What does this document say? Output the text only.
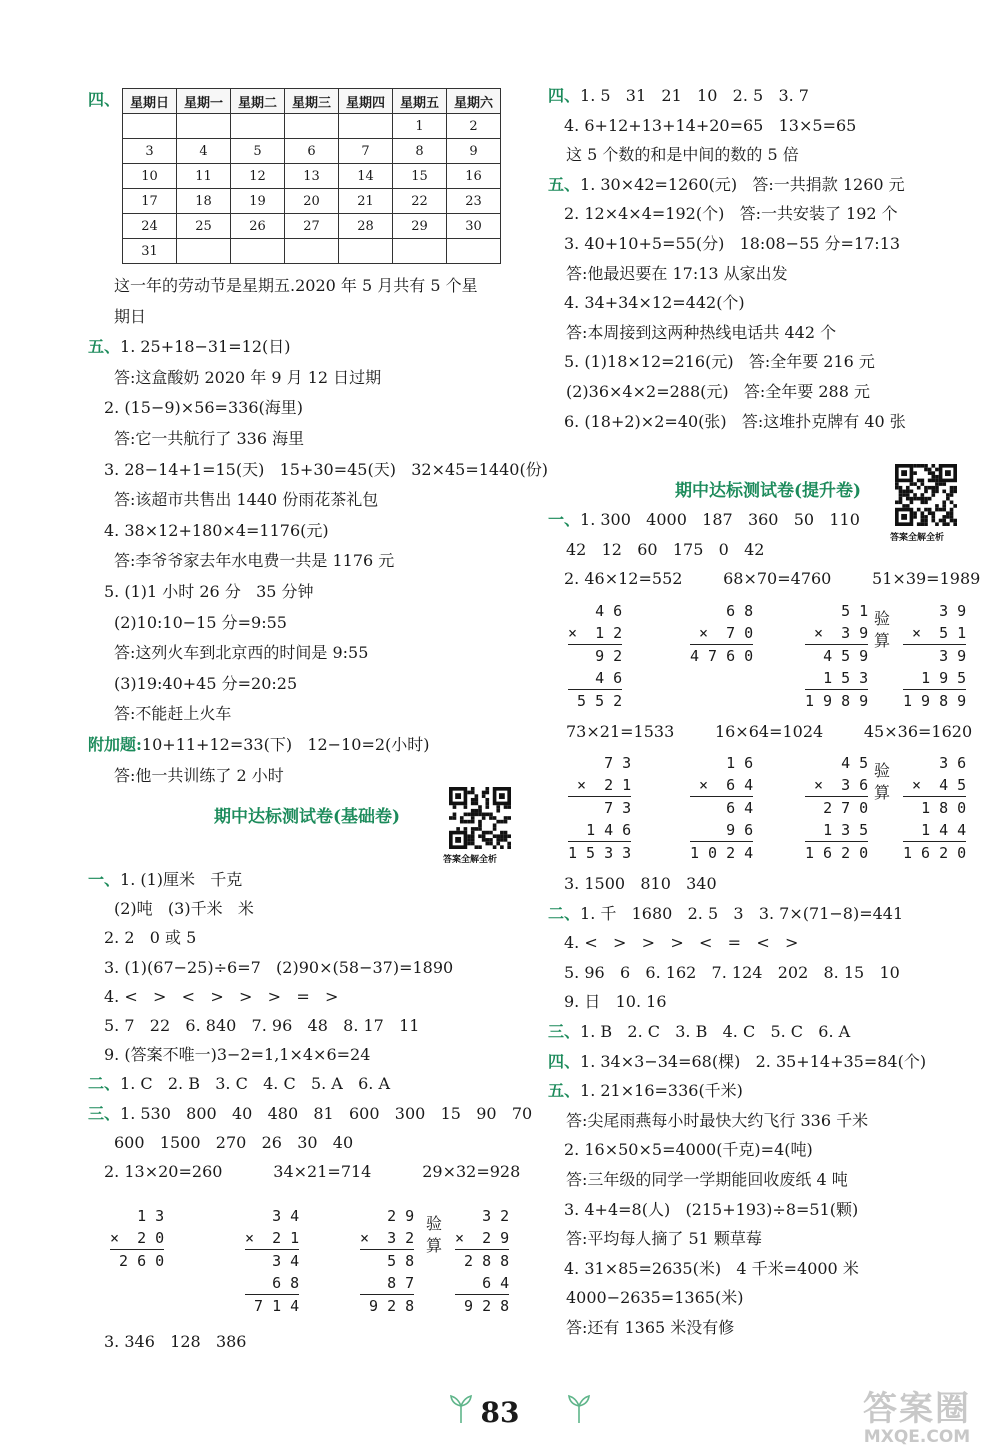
四、 星期日	星期一	星期二	星期三	星期四	星期五	星期六
					1	2
3	4	5	6	7	8	9
10	11	12	13	14	15	16
17	18	19	20	21	22	23
24	25	26	27	28	29	30
31						
这一年的劳动节是星期五.2020 年 5 月共有 5 个星
期日
五、1. 25+18−31=12(日)
答:这盒酸奶 2020 年 9 月 12 日过期
2. (15−9)×56=336(海里)
答:它一共航行了 336 海里
3. 28−14+1=15(天)   15+30=45(天)   32×45=1440(份)
答:该超市共售出 1440 份雨花茶礼包
4. 38×12+180×4=1176(元)
答:李爷爷家去年水电费一共是 1176 元
5. (1)1 小时 26 分   35 分钟
(2)10:10−15 分=9:55
答:这列火车到北京西的时间是 9:55
(3)19:40+45 分=20:25
答:不能赶上火车
附加题:10+11+12=33(下)   12−10=2(小时)
答:他一共训练了 2 小时
期中达标测试卷(基础卷)
答案全解全析
一、1. (1)厘米   千克
(2)吨   (3)千米   米
2. 2   0 或 5
3. (1)(67−25)÷6=7   (2)90×(58−37)=1890
4. <   >   <   >   >   >   =   >
5. 7   22   6. 840   7. 96   48   8. 17   11
9. (答案不唯一)3−2=1,1×4×6=24
二、1. C   2. B   3. C   4. C   5. A   6. A
三、1. 530   800   40   480   81   600   300   15   90   70
600   1500   270   26   30   40
2. 13×20=260          34×21=714          29×32=928
1 3
×  2 0
2 6 0
3 4
×  2 1
3 4
6 8
7 1 4
2 9
×  3 2
5 8
8 7
9 2 8
3 2
×  2 9
2 8 8
6 4
9 2 8
验
算
3. 346   128   386
四、1. 5   31   21   10   2. 5   3. 7
4. 6+12+13+14+20=65   13×5=65
这 5 个数的和是中间的数的 5 倍
五、1. 30×42=1260(元)   答:一共捐款 1260 元
2. 12×4×4=192(个)   答:一共安装了 192 个
3. 40+10+5=55(分)   18:08−55 分=17:13
答:他最迟要在 17:13 从家出发
4. 34+34×12=442(个)
答:本周接到这两种热线电话共 442 个
5. (1)18×12=216(元)   答:全年要 216 元
(2)36×4×2=288(元)   答:全年要 288 元
6. (18+2)×2=40(张)   答:这堆扑克牌有 40 张
期中达标测试卷(提升卷)
答案全解全析
一、1. 300   4000   187   360   50   110
42   12   60   175   0   42
2. 46×12=552        68×70=4760        51×39=1989
4 6
×  1 2
9 2
4 6
5 5 2
6 8
×  7 0
4 7 6 0
5 1
×  3 9
4 5 9
1 5 3
1 9 8 9
3 9
×  5 1
3 9
1 9 5
1 9 8 9
验
算
73×21=1533        16×64=1024        45×36=1620
7 3
×  2 1
7 3
1 4 6
1 5 3 3
1 6
×  6 4
6 4
9 6
1 0 2 4
4 5
×  3 6
2 7 0
1 3 5
1 6 2 0
3 6
×  4 5
1 8 0
1 4 4
1 6 2 0
验
算
3. 1500   810   340
二、1. 千   1680   2. 5   3   3. 7×(71−8)=441
4. <   >   >   >   <   =   <   >
5. 96   6   6. 162   7. 124   202   8. 15   10
9. 日   10. 16
三、1. B   2. C   3. B   4. C   5. C   6. A
四、1. 34×3−34=68(棵)   2. 35+14+35=84(个)
五、1. 21×16=336(千米)
答:尖尾雨燕每小时最快大约飞行 336 千米
2. 16×50×5=4000(千克)=4(吨)
答:三年级的同学一学期能回收废纸 4 吨
3. 4+4=8(人)   (215+193)÷8=51(颗)
答:平均每人摘了 51 颗草莓
4. 31×85=2635(米)   4 千米=4000 米
4000−2635=1365(米)
答:还有 1365 米没有修
83	答案圈
MXQE.COM
